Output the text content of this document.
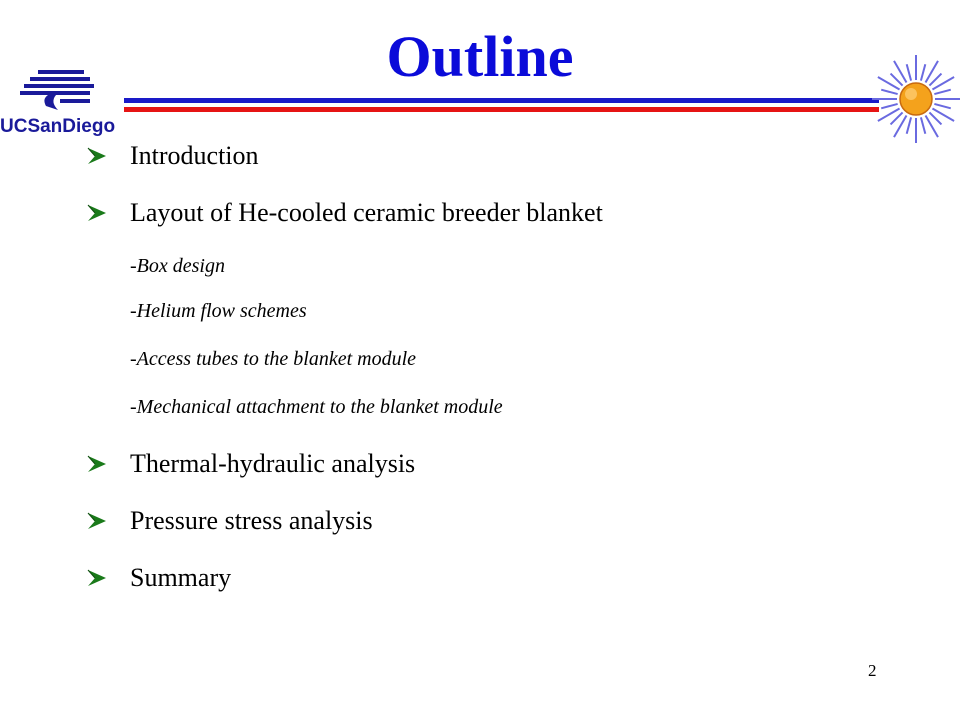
Outline
UCSanDiego
Introduction
Layout of He-cooled ceramic breeder blanket
-Box design
-Helium flow schemes
-Access tubes to the blanket module
-Mechanical attachment to the blanket module
Thermal-hydraulic analysis
Pressure stress analysis
Summary
2
